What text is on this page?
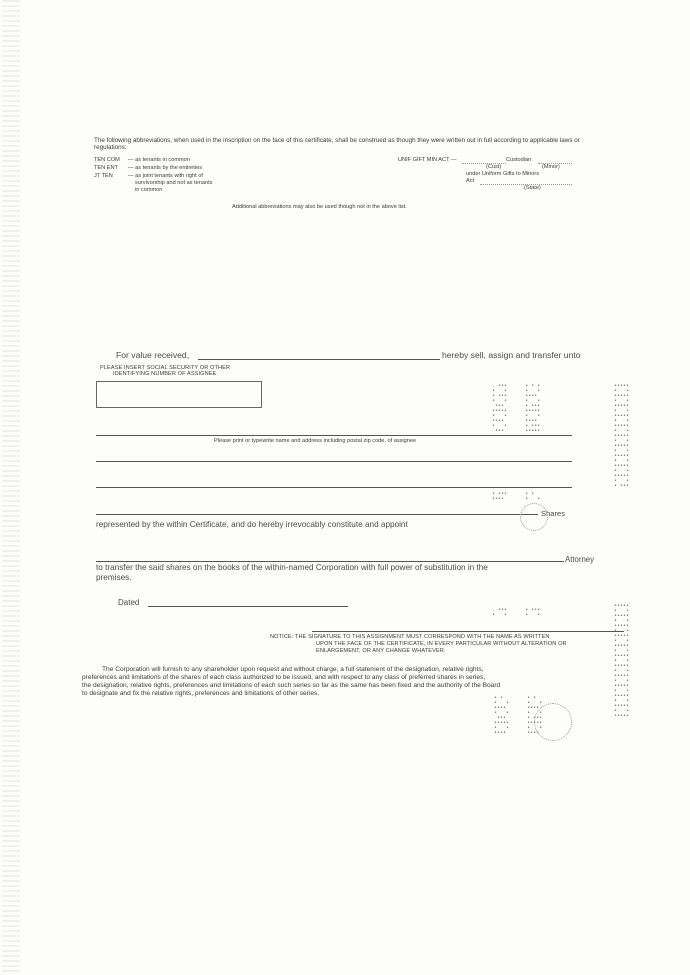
The following abbreviations, when used in the inscription on the face of this certificate, shall be construed as though they were written out in full according to applicable laws or regulations:
TEN COM — as tenants in common
TEN ENT — as tenants by the entireties
JT TEN	— as joint tenants with right of
survivorship and not as tenants
in common
UNIF GIFT MIN ACT —	Custodian
(Cust)	(Minor)
under Uniform Gifts to Minors
Act
(State)
Additional abbreviations may also be used though not in the above list.
For value received,	hereby sell, assign and transfer unto
PLEASE INSERT SOCIAL SECURITY OR OTHER
IDENTIFYING NUMBER OF ASSIGNEE
Please print or typewrite name and address including postal zip code, of assignee
Shares
represented by the within Certificate, and do hereby irrevocably constitute and appoint
Attorney
to transfer the said shares on the books of the within-named Corporation with full power of substitution in the
premises.
Dated
NOTICE: THE SIGNATURE TO THIS ASSIGNMENT MUST CORRESPOND WITH THE NAME AS WRITTEN
UPON THE FACE OF THE CERTIFICATE, IN EVERY PARTICULAR WITHOUT ALTERATION OR
ENLARGEMENT, OR ANY CHANGE WHATEVER.
The Corporation will furnish to any shareholder upon request and without charge, a full statement of the designation, relative rights,
preferences and limitations of the shares of each class authorized to be issued, and with respect to any class of preferred shares in series,
the designation, relative rights, preferences and limitations of each such series so far as the same has been fixed and the authority of the Board
to designate and fix the relative rights, preferences and limitations of other series.
. •••      • • •
•   •      •   •
• •••      ••••
•   •      •   •
•••       • •••
•••••      •••••
•   •      •   •
••••       ••••
•   •      • •••
•••       •••••
• •••      • •
••••       •   •
•••••
•   •
•••••
•   •
•••••
•   •
•••••
•   •
•••••
•   •
•••••
•   •
•••••
•   •
•••••
•   •
•••••
•   •
•••••
•   •
• •••
. •••      • •••
•   •      •   •
•••••
•   •
•••••
•   •
•••••
•   •
•••••
•   •
•••••
•   •
•••••
•   •
•••••
•   •
•••••
•   •
•••••
•   •
•••••
•   •
•••••
•   •
•••••
• •        • •
•   •      •   •
••••       ••••
•   •      •   •
•••       • •••
•••••      •••••
•   •      •   •
••••       ••••
